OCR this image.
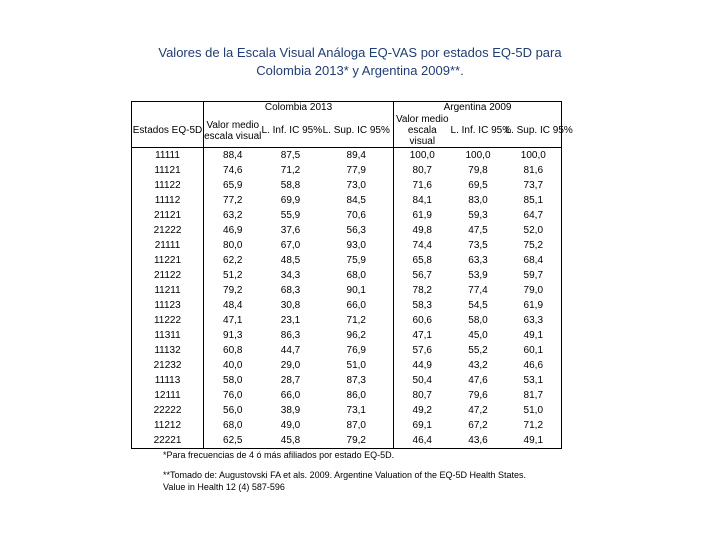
Valores de la Escala Visual Análoga EQ-VAS por estados EQ-5D para
Colombia 2013* y Argentina 2009**.
	Colombia 2013			Argentina 2009		
Estados EQ-5D	Valor medio escala visual	L. Inf. IC 95%	L. Sup. IC 95%	Valor medio escala visual	L. Inf. IC 95%	L. Sup. IC 95%
11111	88,4	87,5	89,4	100,0	100,0	100,0
11121	74,6	71,2	77,9	80,7	79,8	81,6
11122	65,9	58,8	73,0	71,6	69,5	73,7
11112	77,2	69,9	84,5	84,1	83,0	85,1
21121	63,2	55,9	70,6	61,9	59,3	64,7
21222	46,9	37,6	56,3	49,8	47,5	52,0
21111	80,0	67,0	93,0	74,4	73,5	75,2
11221	62,2	48,5	75,9	65,8	63,3	68,4
21122	51,2	34,3	68,0	56,7	53,9	59,7
11211	79,2	68,3	90,1	78,2	77,4	79,0
11123	48,4	30,8	66,0	58,3	54,5	61,9
11222	47,1	23,1	71,2	60,6	58,0	63,3
11311	91,3	86,3	96,2	47,1	45,0	49,1
11132	60,8	44,7	76,9	57,6	55,2	60,1
21232	40,0	29,0	51,0	44,9	43,2	46,6
11113	58,0	28,7	87,3	50,4	47,6	53,1
12111	76,0	66,0	86,0	80,7	79,6	81,7
22222	56,0	38,9	73,1	49,2	47,2	51,0
11212	68,0	49,0	87,0	69,1	67,2	71,2
22221	62,5	45,8	79,2	46,4	43,6	49,1

*Para frecuencias de 4 ó más afiliados por estado EQ-5D.

**Tomado de: Augustovski FA et als. 2009. Argentine Valuation of the EQ-5D Health States.
Value in Health 12 (4) 587-596
